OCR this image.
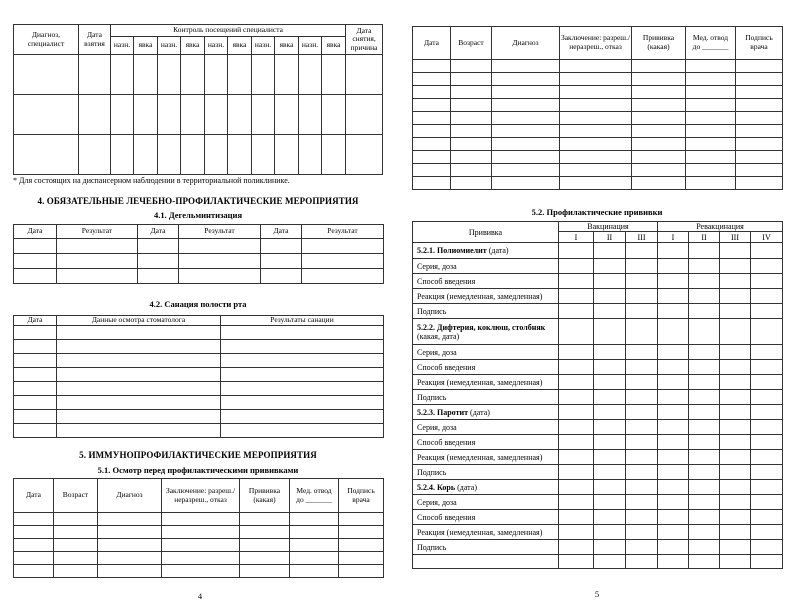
Диагноз, специалист	Дата взятия	Контроль посещений специалиста										Дата снятия, причина
		назн.	явка	назн.	явка	назн.	явка	назн.	явка	назн.	явка	

* Для состоящих на диспансерном наблюдении в территориальной поликлинике.
4. ОБЯЗАТЕЛЬНЫЕ ЛЕЧЕБНО-ПРОФИЛАКТИЧЕСКИЕ МЕРОПРИЯТИЯ
4.1. Дегельминтизация
Дата	Результат	Дата	Результат	Дата	Результат

4.2. Санация полости рта
Дата	Данные осмотра стоматолога	Результаты санации

5. ИММУНОПРОФИЛАКТИЧЕСКИЕ МЕРОПРИЯТИЯ
5.1. Осмотр перед профилактическими прививками
Дата	Возраст	Диагноз	Заключение: разреш./неразреш., отказ	Прививка (какая)	Мед. отвод
до _______	Подпись врача

4
Дата	Возраст	Диагноз	Заключение: разреш./неразреш., отказ	Прививка (какая)	Мед. отвод
до _______	Подпись врача

5.2. Профилактические прививки
Прививка	Вакцинация			Ревакцинация			
	I	II	III	I	II	III	IV
5.2.1. Полиомиелит (дата)							
Серия, доза							
Способ введения							
Реакция (немедленная, замедленная)							
Подпись							
5.2.2. Дифтерия, коклюш, столбняк (какая, дата)							
Серия, доза							
Способ введения							
Реакция (немедленная, замедленная)							
Подпись							
5.2.3. Паротит (дата)							
Серия, доза							
Способ введения							
Реакция (немедленная, замедленная)							
Подпись							
5.2.4. Корь (дата)							
Серия, доза							
Способ введения							
Реакция (немедленная, замедленная)							
Подпись							

5
